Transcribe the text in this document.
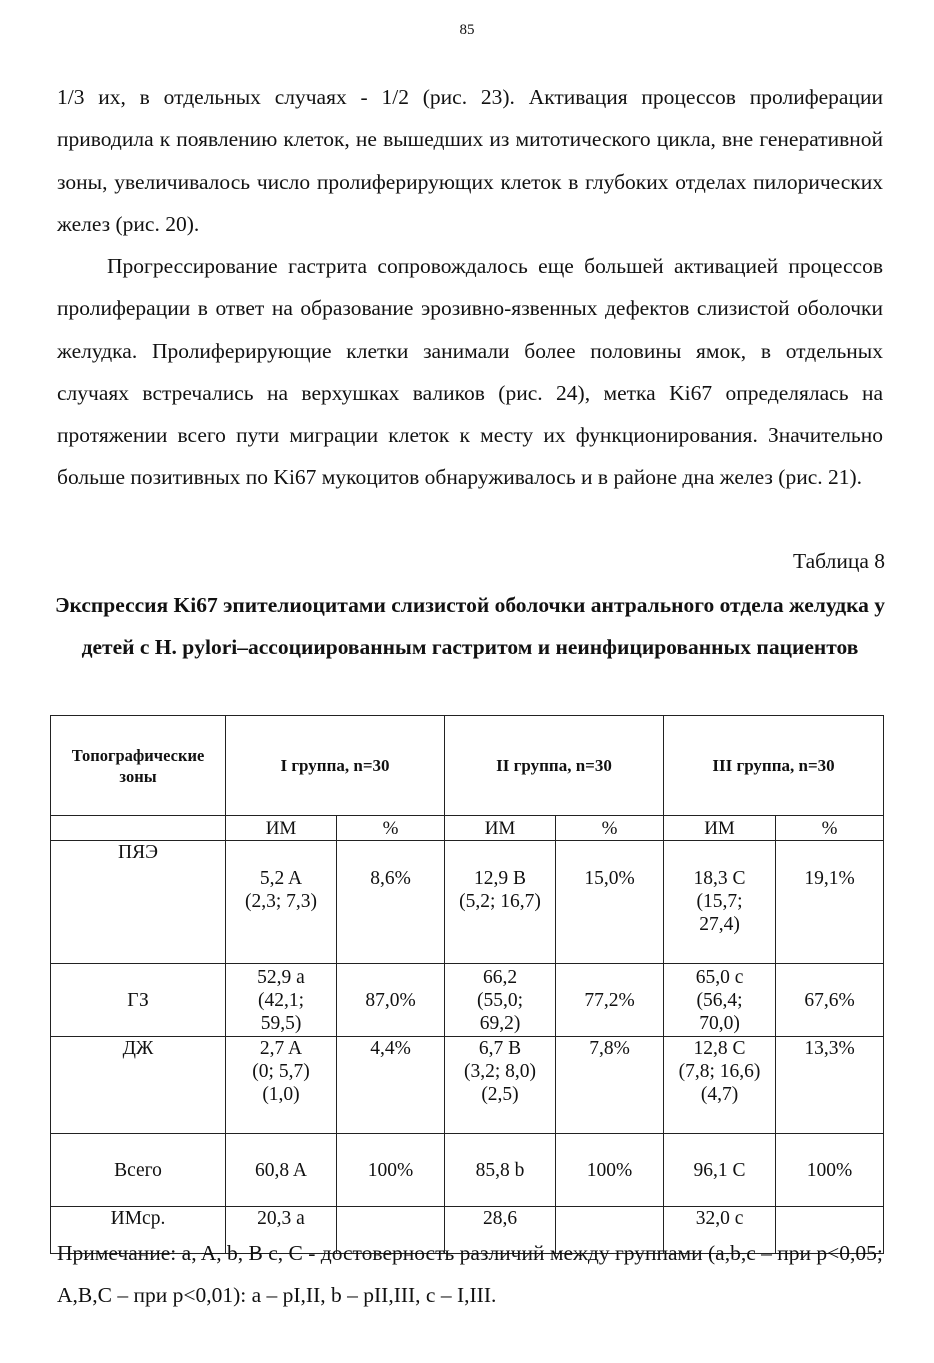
85

1/3 их, в отдельных случаях - 1/2 (рис. 23). Активация процессов пролиферации приводила к появлению клеток, не вышедших из митотического цикла, вне генеративной зоны, увеличивалось число пролиферирующих клеток в глубоких отделах пилорических желез (рис. 20).

Прогрессирование гастрита сопровождалось еще большей активацией процессов пролиферации в ответ на образование эрозивно-язвенных дефектов слизистой оболочки желудка. Пролиферирующие клетки занимали более половины ямок, в отдельных случаях встречались на верхушках валиков (рис. 24), метка Ki67 определялась на протяжении всего пути миграции клеток к месту их функционирования. Значительно больше позитивных по Ki67 мукоцитов обнаруживалось и в районе дна желез (рис. 21).

Таблица 8

Экспрессия Ki67 эпителиоцитами слизистой оболочки антрального отдела желудка у детей с H. pylori–ассоциированным гастритом и неинфицированных пациентов

Топографические зоны	I группа, n=30		II группа, n=30		III группа, n=30	
	ИМ	%	ИМ	%	ИМ	%
ПЯЭ	5,2 A
(2,3; 7,3)	8,6%	12,9 B
(5,2; 16,7)	15,0%	18,3 C
(15,7;
27,4)	19,1%
ГЗ	52,9 a
(42,1;
59,5)	87,0%	66,2
(55,0;
69,2)	77,2%	65,0 c
(56,4;
70,0)	67,6%
ДЖ	2,7 A
(0; 5,7)
(1,0)	4,4%	6,7 B
(3,2; 8,0)
(2,5)	7,8%	12,8 C
(7,8; 16,6)
(4,7)	13,3%
Всего	60,8 A	100%	85,8 b	100%	96,1 C	100%
ИМср.	20,3 a		28,6		32,0 c	

Примечание: a, A, b, B c, C - достоверность различий между группами (a,b,c – при p<0,05; A,B,C – при p<0,01): a – pI,II, b – pII,III, c – I,III.
